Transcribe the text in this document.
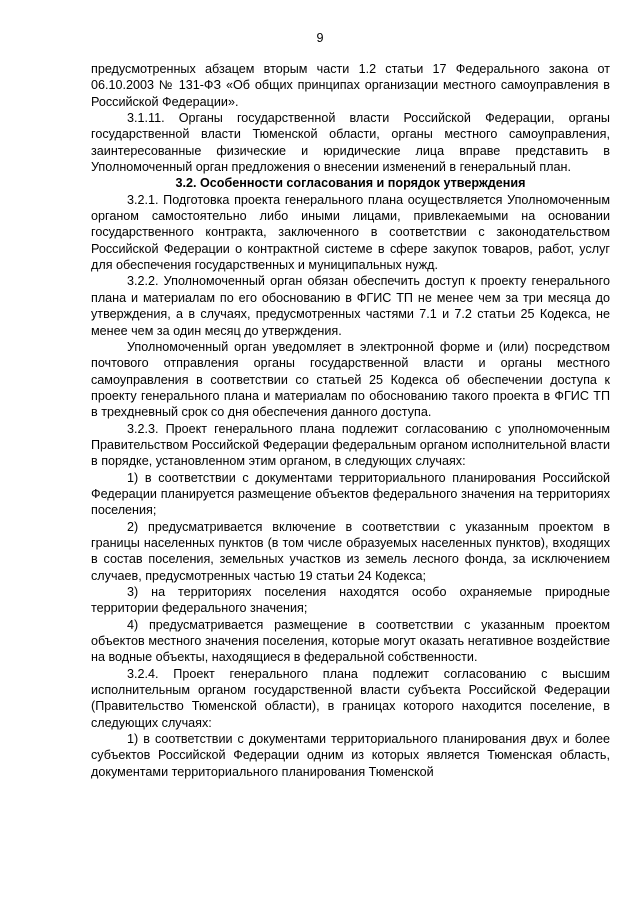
9

предусмотренных абзацем вторым части 1.2 статьи 17 Федерального закона от 06.10.2003 № 131-ФЗ «Об общих принципах организации местного самоуправления в Российской Федерации».

3.1.11. Органы государственной власти Российской Федерации, органы государственной власти Тюменской области, органы местного самоуправления, заинтересованные физические и юридические лица вправе представить в Уполномоченный орган предложения о внесении изменений в генеральный план.

3.2. Особенности согласования и порядок утверждения

3.2.1. Подготовка проекта генерального плана осуществляется Уполномоченным органом самостоятельно либо иными лицами, привлекаемыми на основании государственного контракта, заключенного в соответствии с законодательством Российской Федерации о контрактной системе в сфере закупок товаров, работ, услуг для обеспечения государственных и муниципальных нужд.

3.2.2. Уполномоченный орган обязан обеспечить доступ к проекту генерального плана и материалам по его обоснованию в ФГИС ТП не менее чем за три месяца до утверждения, а в случаях, предусмотренных частями 7.1 и 7.2 статьи 25 Кодекса, не менее чем за один месяц до утверждения.

Уполномоченный орган уведомляет в электронной форме и (или) посредством почтового отправления органы государственной власти и органы местного самоуправления в соответствии со статьей 25 Кодекса об обеспечении доступа к проекту генерального плана и материалам по обоснованию такого проекта в ФГИС ТП в трехдневный срок со дня обеспечения данного доступа.

3.2.3. Проект генерального плана подлежит согласованию с уполномоченным Правительством Российской Федерации федеральным органом исполнительной власти в порядке, установленном этим органом, в следующих случаях:

1) в соответствии с документами территориального планирования Российской Федерации планируется размещение объектов федерального значения на территориях поселения;

2) предусматривается включение в соответствии с указанным проектом в границы населенных пунктов (в том числе образуемых населенных пунктов), входящих в состав поселения, земельных участков из земель лесного фонда, за исключением случаев, предусмотренных частью 19 статьи 24 Кодекса;

3) на территориях поселения находятся особо охраняемые природные территории федерального значения;

4) предусматривается размещение в соответствии с указанным проектом объектов местного значения поселения, которые могут оказать негативное воздействие на водные объекты, находящиеся в федеральной собственности.

3.2.4. Проект генерального плана подлежит согласованию с высшим исполнительным органом государственной власти субъекта Российской Федерации (Правительство Тюменской области), в границах которого находится поселение, в следующих случаях:

1) в соответствии с документами территориального планирования двух и более субъектов Российской Федерации одним из которых является Тюменская область, документами территориального планирования Тюменской
